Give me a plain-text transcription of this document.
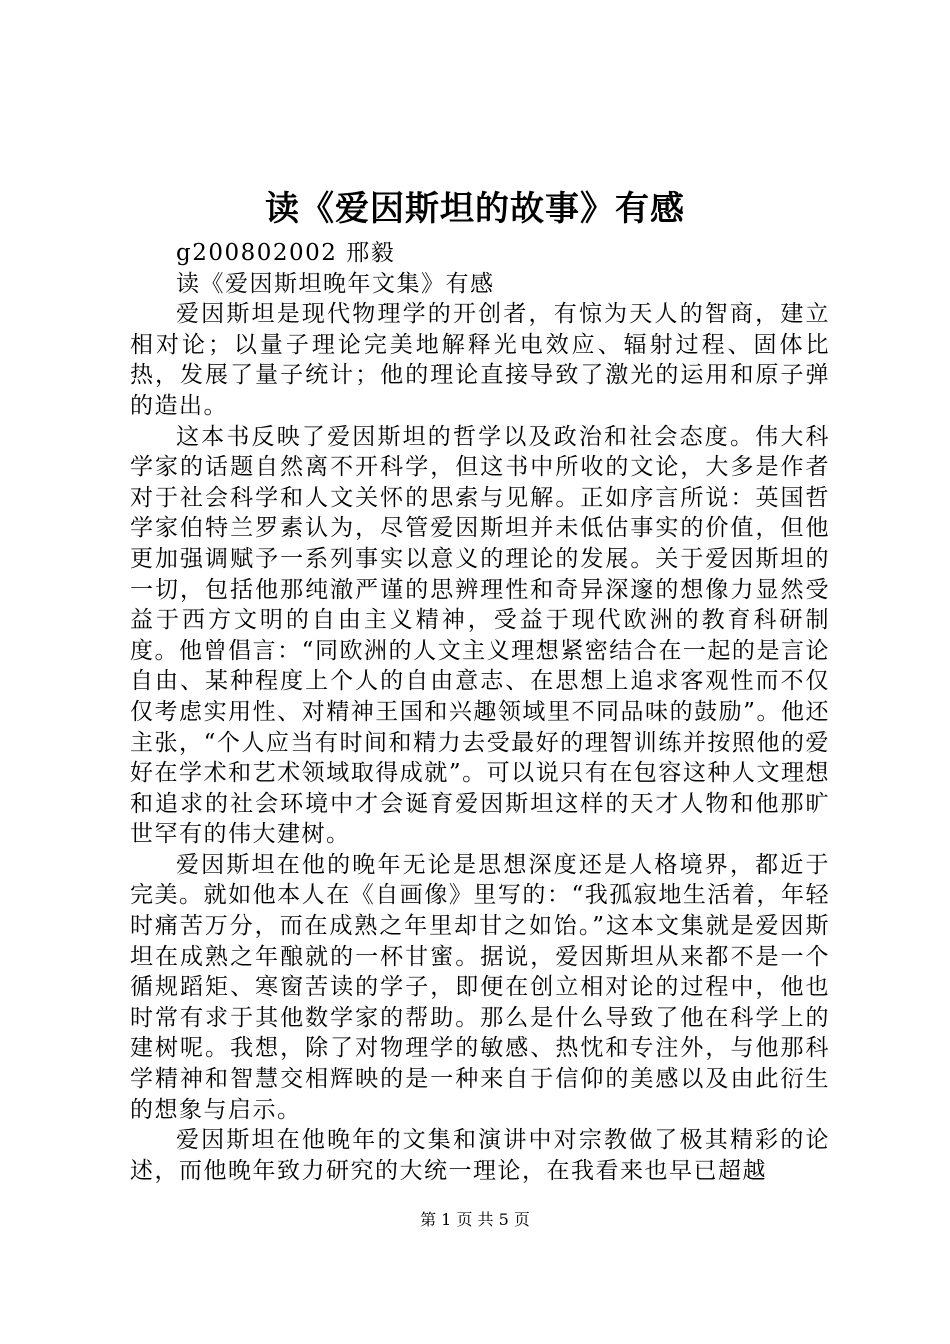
读《爱因斯坦的故事》有感

g200802002 邢毅

读《爱因斯坦晚年文集》有感

爱因斯坦是现代物理学的开创者，有惊为天人的智商，建立相对论；以量子理论完美地解释光电效应、辐射过程、固体比热，发展了量子统计；他的理论直接导致了激光的运用和原子弹的造出。

这本书反映了爱因斯坦的哲学以及政治和社会态度。伟大科学家的话题自然离不开科学，但这书中所收的文论，大多是作者对于社会科学和人文关怀的思索与见解。正如序言所说：英国哲学家伯特兰罗素认为，尽管爱因斯坦并未低估事实的价值，但他更加强调赋予一系列事实以意义的理论的发展。关于爱因斯坦的一切，包括他那纯澈严谨的思辨理性和奇异深邃的想像力显然受益于西方文明的自由主义精神，受益于现代欧洲的教育科研制度。他曾倡言：“同欧洲的人文主义理想紧密结合在一起的是言论自由、某种程度上个人的自由意志、在思想上追求客观性而不仅仅考虑实用性、对精神王国和兴趣领域里不同品味的鼓励”。他还主张，“个人应当有时间和精力去受最好的理智训练并按照他的爱好在学术和艺术领域取得成就”。可以说只有在包容这种人文理想和追求的社会环境中才会诞育爱因斯坦这样的天才人物和他那旷世罕有的伟大建树。

爱因斯坦在他的晚年无论是思想深度还是人格境界，都近于完美。就如他本人在《自画像》里写的：“我孤寂地生活着，年轻时痛苦万分，而在成熟之年里却甘之如饴。”这本文集就是爱因斯坦在成熟之年酿就的一杯甘蜜。据说，爱因斯坦从来都不是一个循规蹈矩、寒窗苦读的学子，即便在创立相对论的过程中，他也时常有求于其他数学家的帮助。那么是什么导致了他在科学上的建树呢。我想，除了对物理学的敏感、热忱和专注外，与他那科学精神和智慧交相辉映的是一种来自于信仰的美感以及由此衍生的想象与启示。

爱因斯坦在他晚年的文集和演讲中对宗教做了极其精彩的论述，而他晚年致力研究的大统一理论，在我看来也早已超越

第 1 页 共 5 页
